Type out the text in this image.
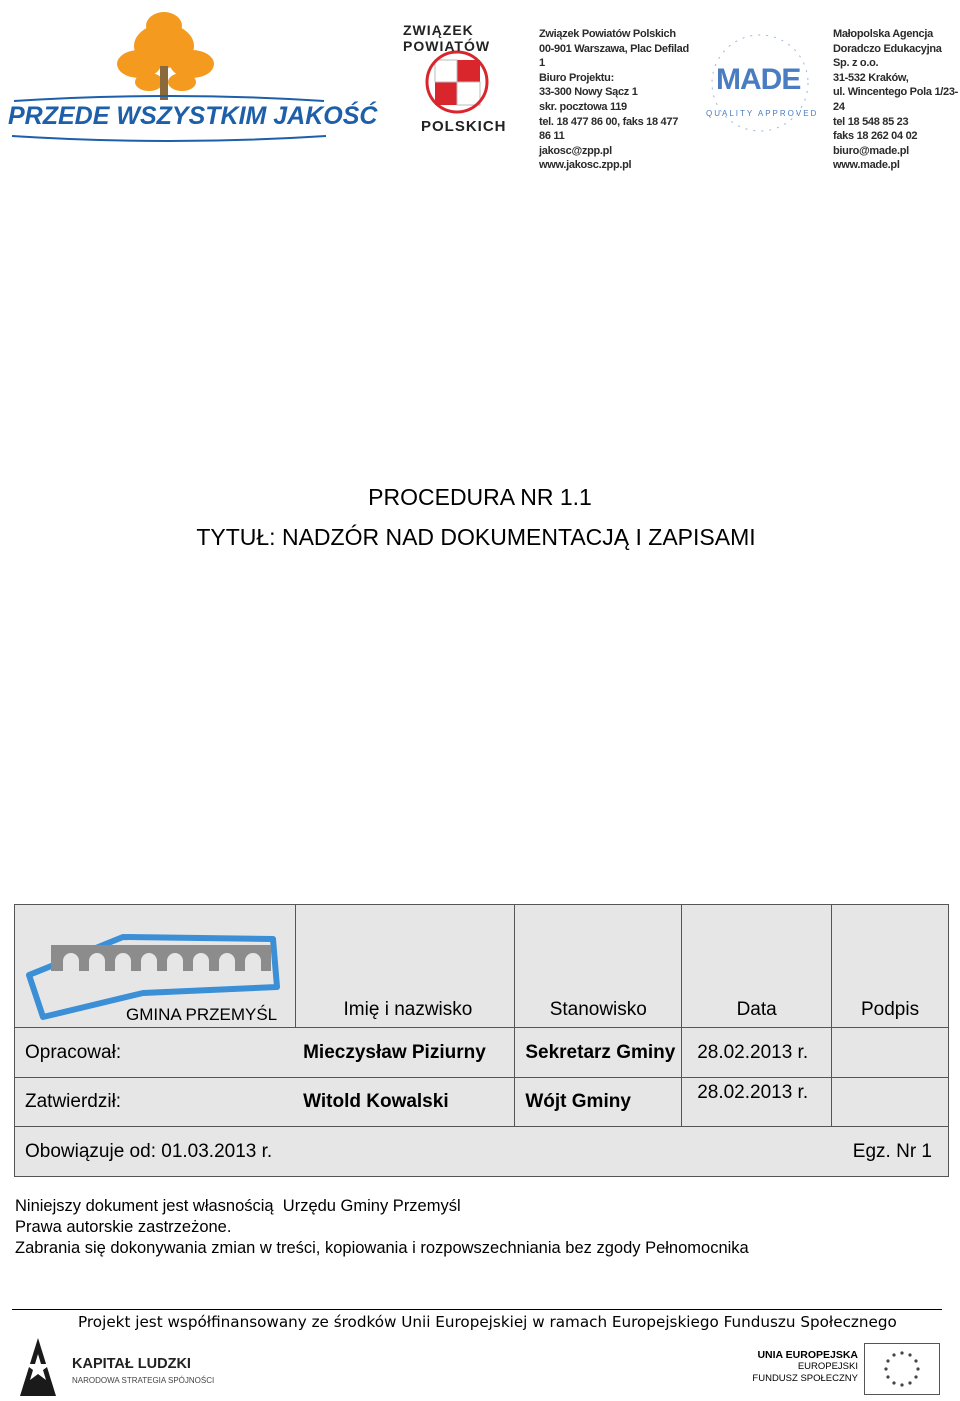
PRZEDE WSZYSTKIM JAKOŚĆ
ZWIĄZEK POWIATÓW
POLSKICH
Związek Powiatów Polskich
00-901 Warszawa, Plac Defilad 1
Biuro Projektu:
33-300 Nowy Sącz 1
skr. pocztowa 119
tel. 18 477 86 00, faks 18 477 86 11
jakosc@zpp.pl
www.jakosc.zpp.pl
MADE
QUALITY APPROVED
Małopolska Agencja
Doradczo Edukacyjna Sp. z o.o.
31-532 Kraków,
ul. Wincentego Pola 1/23-24
tel 18 548 85 23
faks 18 262 04 02
biuro@made.pl
www.made.pl
PROCEDURA NR 1.1
TYTUŁ: NADZÓR NAD DOKUMENTACJĄ I ZAPISAMI
GMINA PRZEMYŚL	Imię i nazwisko	Stanowisko	Data	Podpis
Opracował:	Mieczysław Piziurny	Sekretarz Gminy	28.02.2013 r.	
Zatwierdził:	Witold Kowalski	Wójt Gminy	28.02.2013 r.	
Obowiązuje od: 01.03.2013 r.				Egz. Nr 1
Niniejszy dokument jest własnością  Urzędu Gminy Przemyśl
Prawa autorskie zastrzeżone.
Zabrania się dokonywania zmian w treści, kopiowania i rozpowszechniania bez zgody Pełnomocnika
Projekt jest współfinansowany ze środków Unii Europejskiej w ramach Europejskiego Funduszu Społecznego
KAPITAŁ LUDZKI
NARODOWA STRATEGIA SPÓJNOŚCI
UNIA EUROPEJSKA
EUROPEJSKI
FUNDUSZ SPOŁECZNY
